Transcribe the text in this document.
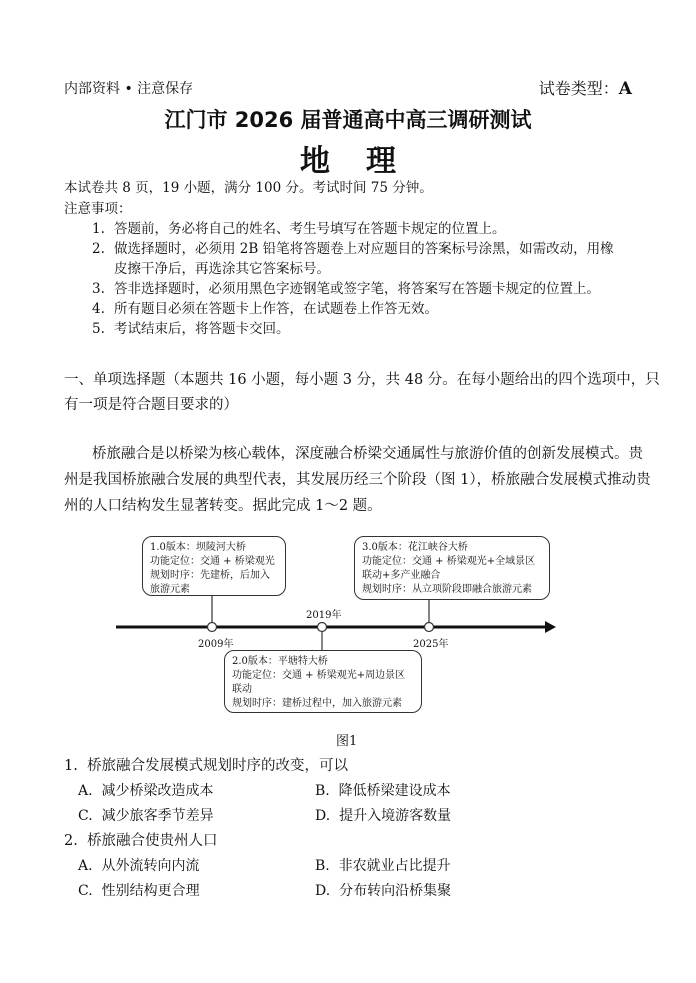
内部资料 • 注意保存	试卷类型：A
江门市 2026 届普通高中高三调研测试
地理
本试卷共 8 页，19 小题，满分 100 分。考试时间 75 分钟。
注意事项：
1. 答题前，务必将自己的姓名、考生号填写在答题卡规定的位置上。
2. 做选择题时，必须用 2B 铅笔将答题卷上对应题目的答案标号涂黑，如需改动，用橡
皮擦干净后，再选涂其它答案标号。
3. 答非选择题时，必须用黑色字迹钢笔或签字笔，将答案写在答题卡规定的位置上。
4. 所有题目必须在答题卡上作答，在试题卷上作答无效。
5. 考试结束后，将答题卡交回。
一、单项选择题（本题共 16 小题，每小题 3 分，共 48 分。在每小题给出的四个选项中，只
有一项是符合题目要求的）
桥旅融合是以桥梁为核心载体，深度融合桥梁交通属性与旅游价值的创新发展模式。贵
州是我国桥旅融合发展的典型代表，其发展历经三个阶段（图 1），桥旅融合发展模式推动贵
州的人口结构发生显著转变。据此完成 1～2 题。
2009年
2019年
2025年
1.0版本：坝陵河大桥
功能定位：交通 + 桥梁观光
规划时序：先建桥，后加入
旅游元素
2.0版本：平塘特大桥
功能定位：交通 + 桥梁观光+周边景区
联动
规划时序：建桥过程中，加入旅游元素
3.0版本：花江峡谷大桥
功能定位：交通 + 桥梁观光+全域景区
联动+多产业融合
规划时序：从立项阶段即融合旅游元素
图1
1. 桥旅融合发展模式规划时序的改变，可以
A. 减少桥梁改造成本	B. 降低桥梁建设成本
C. 减少旅客季节差异	D. 提升入境游客数量
2. 桥旅融合使贵州人口
A. 从外流转向内流	B. 非农就业占比提升
C. 性别结构更合理	D. 分布转向沿桥集聚
